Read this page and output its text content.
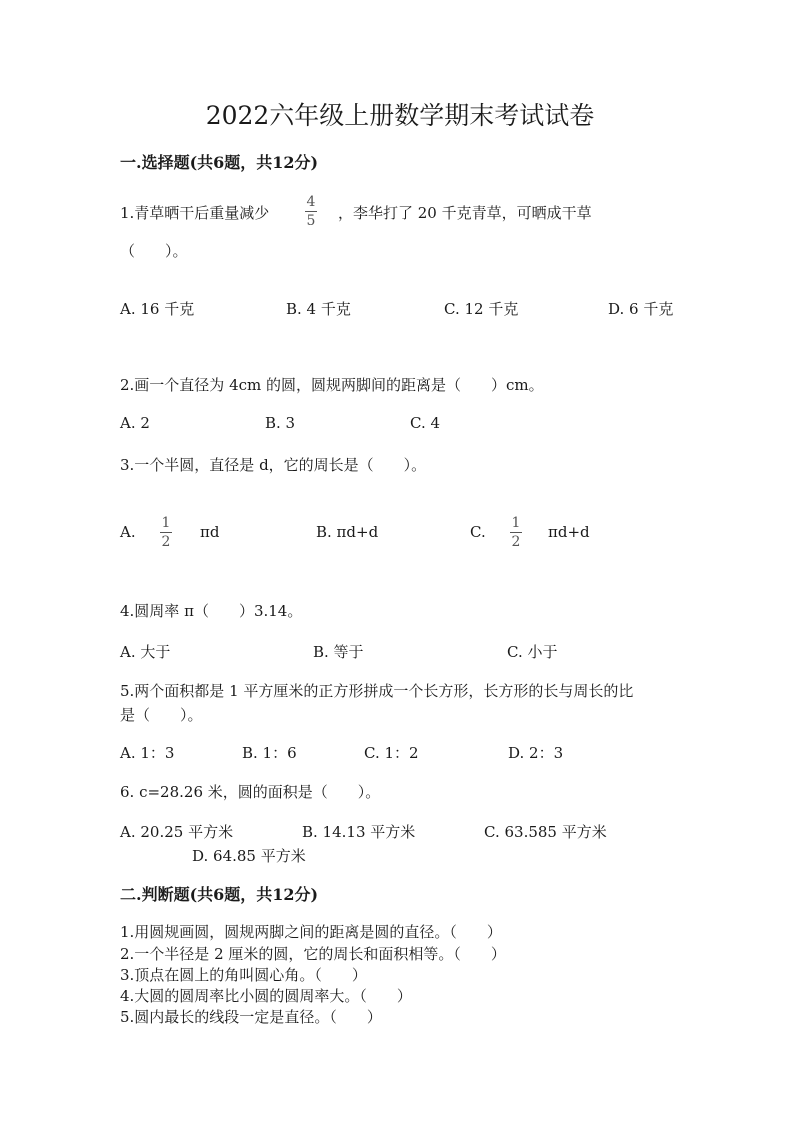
2022六年级上册数学期末考试试卷
一.选择题(共6题，共12分)
1.青草晒干后重量减少
4
5 ，李华打了 20 千克青草，可晒成干草
（　　）。
A. 16 千克	B. 4 千克	C. 12 千克	D. 6 千克
2.画一个直径为 4cm 的圆，圆规两脚间的距离是（　　）cm。
A. 2	B. 3	C. 4
3.一个半圆，直径是 d，它的周长是（　　）。
A. 1
2
πd	B. πd+d	C. 1
2
πd+d
4.圆周率 π（　　）3.14。
A. 大于	B. 等于	C. 小于
5.两个面积都是 1 平方厘米的正方形拼成一个长方形，长方形的长与周长的比
是（　　）。
A. 1：3	B. 1：6	C. 1：2	D. 2：3
6. c=28.26 米，圆的面积是（　　）。
A. 20.25 平方米	B. 14.13 平方米	C. 63.585 平方米
D. 64.85 平方米
二.判断题(共6题，共12分)
1.用圆规画圆，圆规两脚之间的距离是圆的直径。（　　）
2.一个半径是 2 厘米的圆，它的周长和面积相等。（　　）
3.顶点在圆上的角叫圆心角。（　　）
4.大圆的圆周率比小圆的圆周率大。（　　）
5.圆内最长的线段一定是直径。（　　）
